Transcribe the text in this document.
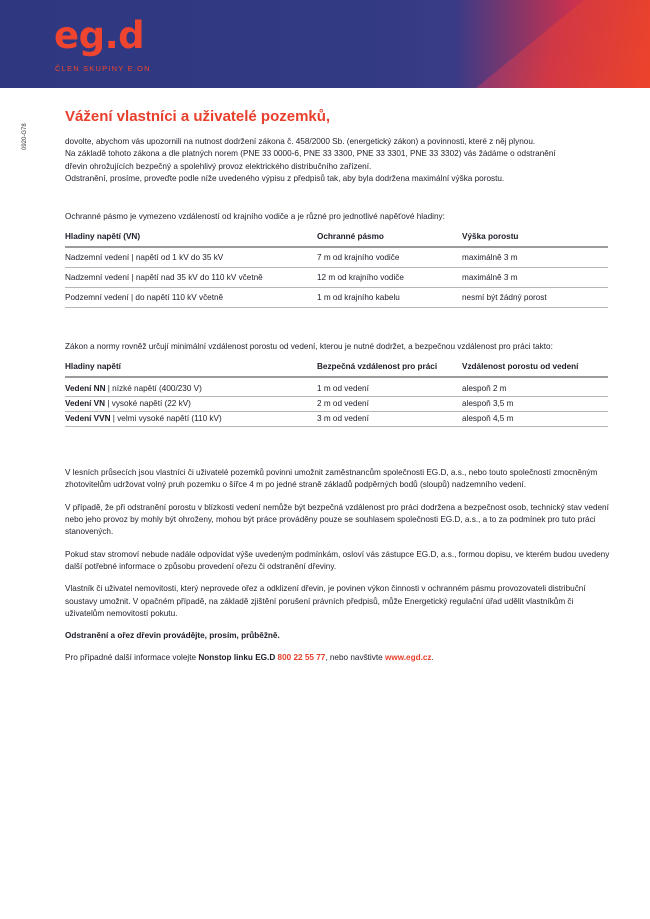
eg.d
ČLEN SKUPINY E.ON
0920-G78
Vážení vlastníci a uživatelé pozemků,

dovolte, abychom vás upozornili na nutnost dodržení zákona č. 458/2000 Sb. (energetický zákon) a povinnosti, které z něj plynou.

Na základě tohoto zákona a dle platných norem (PNE 33 0000-6, PNE 33 3300, PNE 33 3301, PNE 33 3302) vás žádáme o odstranění

dřevin ohrožujících bezpečný a spolehlivý provoz elektrického distribučního zařízení.

Odstranění, prosíme, proveďte podle níže uvedeného výpisu z předpisů tak, aby byla dodržena maximální výška porostu.

Ochranné pásmo je vymezeno vzdáleností od krajního vodiče a je různé pro jednotlivé napěťové hladiny:

Hladiny napětí (VN)	Ochranné pásmo	Výška porostu
Nadzemní vedení | napětí od 1 kV do 35 kV	7 m od krajního vodiče	maximálně 3 m
Nadzemní vedení | napětí nad 35 kV do 110 kV včetně	12 m od krajního vodiče	maximálně 3 m
Podzemní vedení | do napětí 110 kV včetně	1 m od krajního kabelu	nesmí být žádný porost

Zákon a normy rovněž určují minimální vzdálenost porostu od vedení, kterou je nutné dodržet, a bezpečnou vzdálenost pro práci takto:

Hladiny napětí	Bezpečná vzdálenost pro práci	Vzdálenost porostu od vedení
Vedení NN | nízké napětí (400/230 V)	1 m od vedení	alespoň 2 m
Vedení VN | vysoké napětí (22 kV)	2 m od vedení	alespoň 3,5 m
Vedení VVN | velmi vysoké napětí (110 kV)	3 m od vedení	alespoň 4,5 m

V lesních průsecích jsou vlastníci či uživatelé pozemků povinni umožnit zaměstnancům společnosti EG.D, a.s., nebo touto společností zmocněným zhotovitelům udržovat volný pruh pozemku o šířce 4 m po jedné straně základů podpěrných bodů (sloupů) nadzemního vedení.

V případě, že při odstranění porostu v blízkosti vedení nemůže být bezpečná vzdálenost pro práci dodržena a bezpečnost osob, technický stav vedení nebo jeho provoz by mohly být ohroženy, mohou být práce prováděny pouze se souhlasem společnosti EG.D, a.s., a to za podmínek pro tuto práci stanovených.

Pokud stav stromoví nebude nadále odpovídat výše uvedeným podmínkám, osloví vás zástupce EG.D, a.s., formou dopisu, ve kterém budou uvedeny další potřebné informace o způsobu provedení ořezu či odstranění dřeviny.

Vlastník či uživatel nemovitosti, který neprovede ořez a odklizení dřevin, je povinen výkon činnosti v ochranném pásmu provozovateli distribuční soustavy umožnit. V opačném případě, na základě zjištění porušení právních předpisů, může Energetický regulační úřad udělit vlastníkům či uživatelům nemovitostí pokutu.

Odstranění a ořez dřevin provádějte, prosím, průběžně.

Pro případné další informace volejte Nonstop linku EG.D 800 22 55 77, nebo navštivte www.egd.cz.
